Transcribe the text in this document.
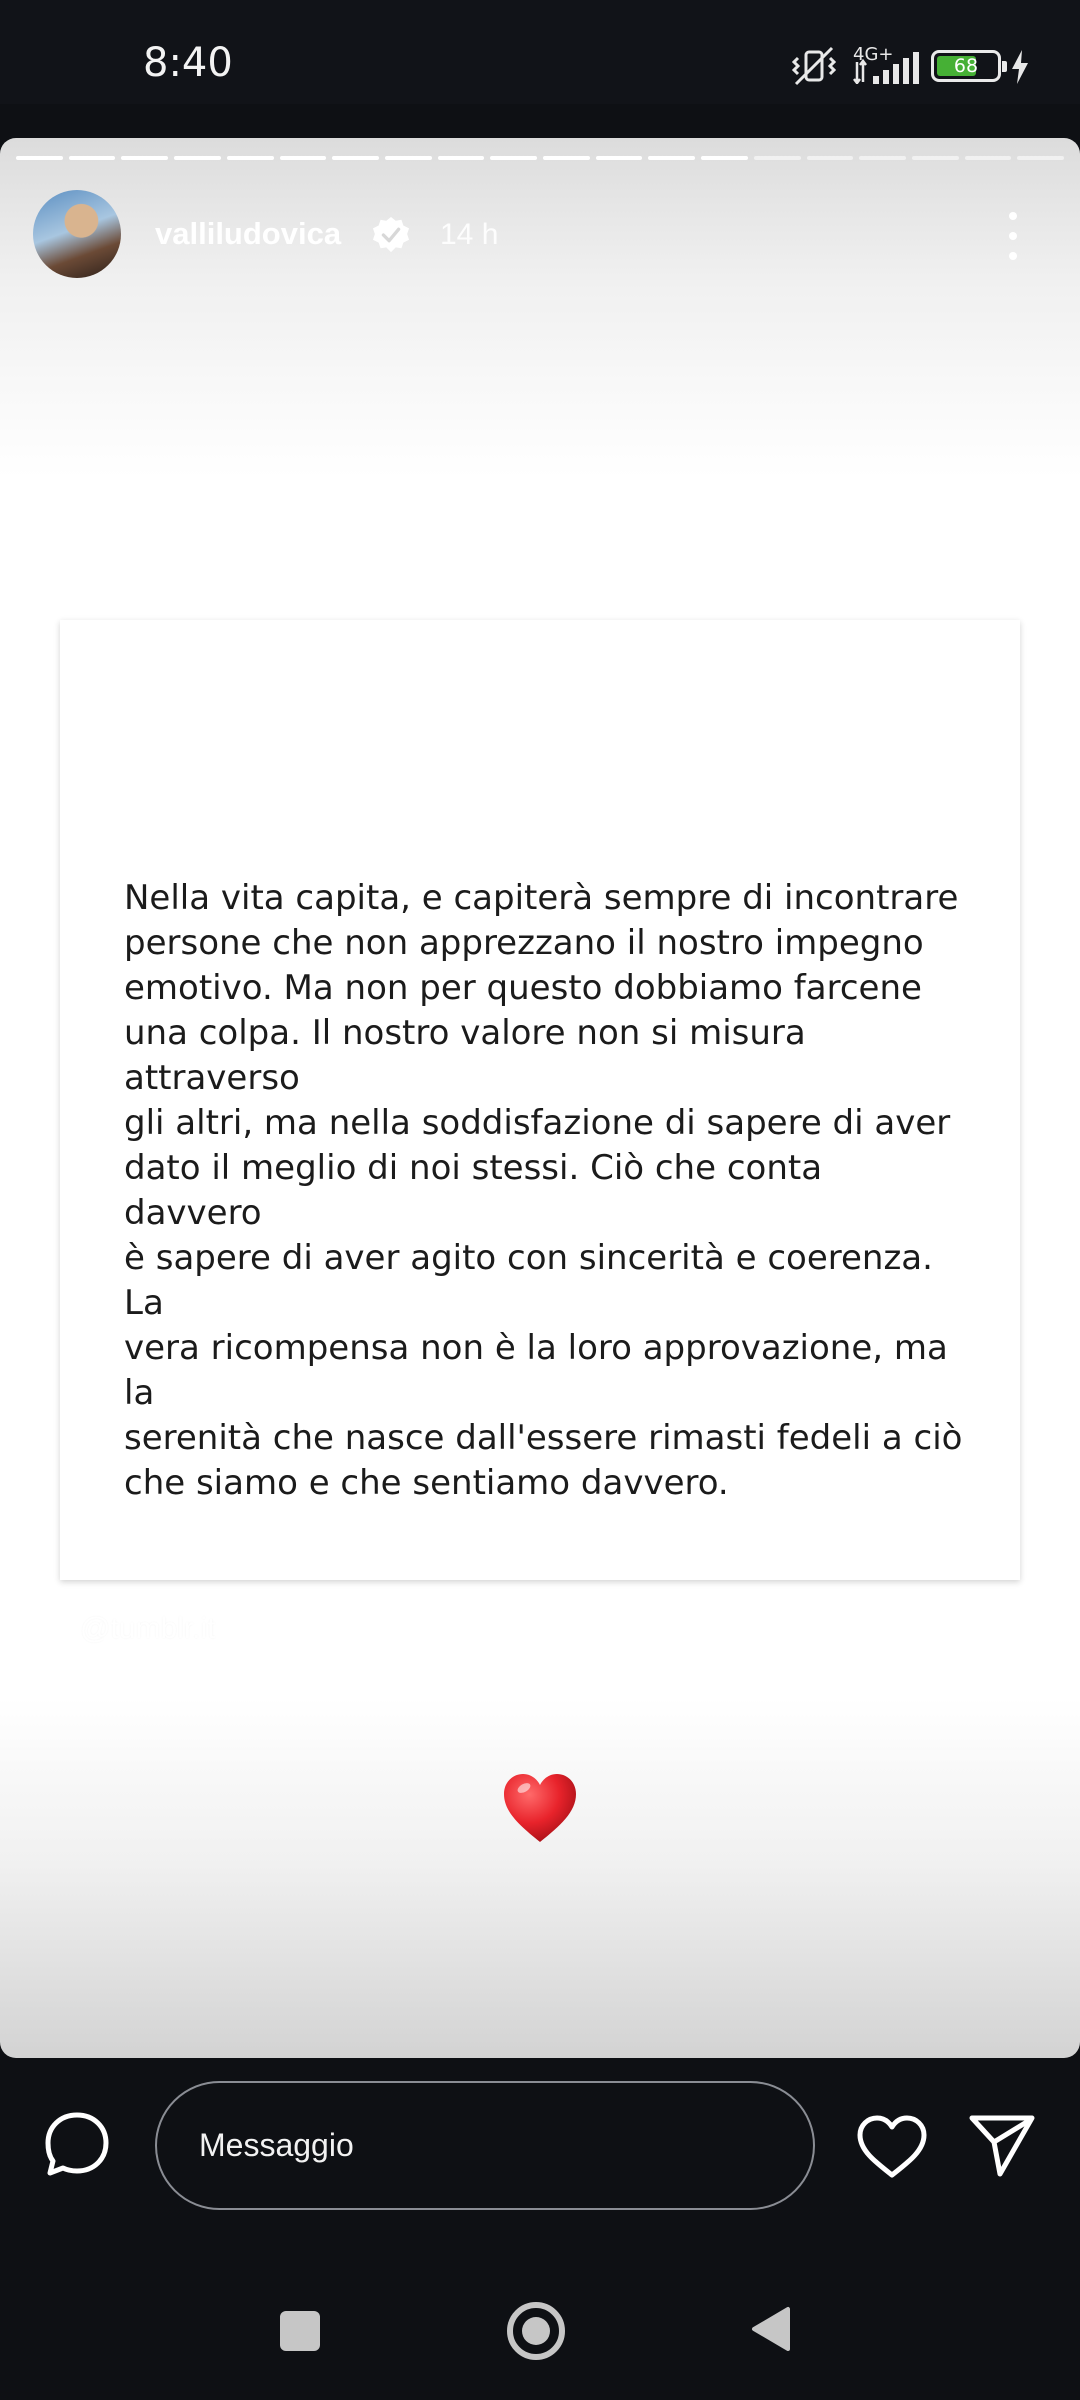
8:40	4G+
68
valliludovica	14 h
Nella vita capita, e capiterà sempre di incontrare
persone che non apprezzano il nostro impegno
emotivo. Ma non per questo dobbiamo farcene
una colpa. Il nostro valore non si misura attraverso
gli altri, ma nella soddisfazione di sapere di aver
dato il meglio di noi stessi. Ciò che conta davvero
è sapere di aver agito con sincerità e coerenza. La
vera ricompensa non è la loro approvazione, ma la
serenità che nasce dall'essere rimasti fedeli a ciò
che siamo e che sentiamo davvero.
@tumblr.it
Messaggio
